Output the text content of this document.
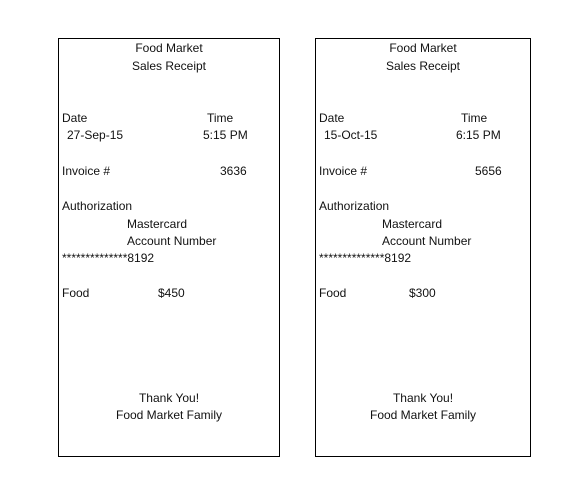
Food Market
Sales Receipt
Date	Time
27-Sep-15	5:15 PM
Invoice #	3636
Authorization
Mastercard
Account Number
**************8192
Food	$450
Thank You!
Food Market Family
Food Market
Sales Receipt
Date	Time
15-Oct-15	6:15 PM
Invoice #	5656
Authorization
Mastercard
Account Number
**************8192
Food	$300
Thank You!
Food Market Family
